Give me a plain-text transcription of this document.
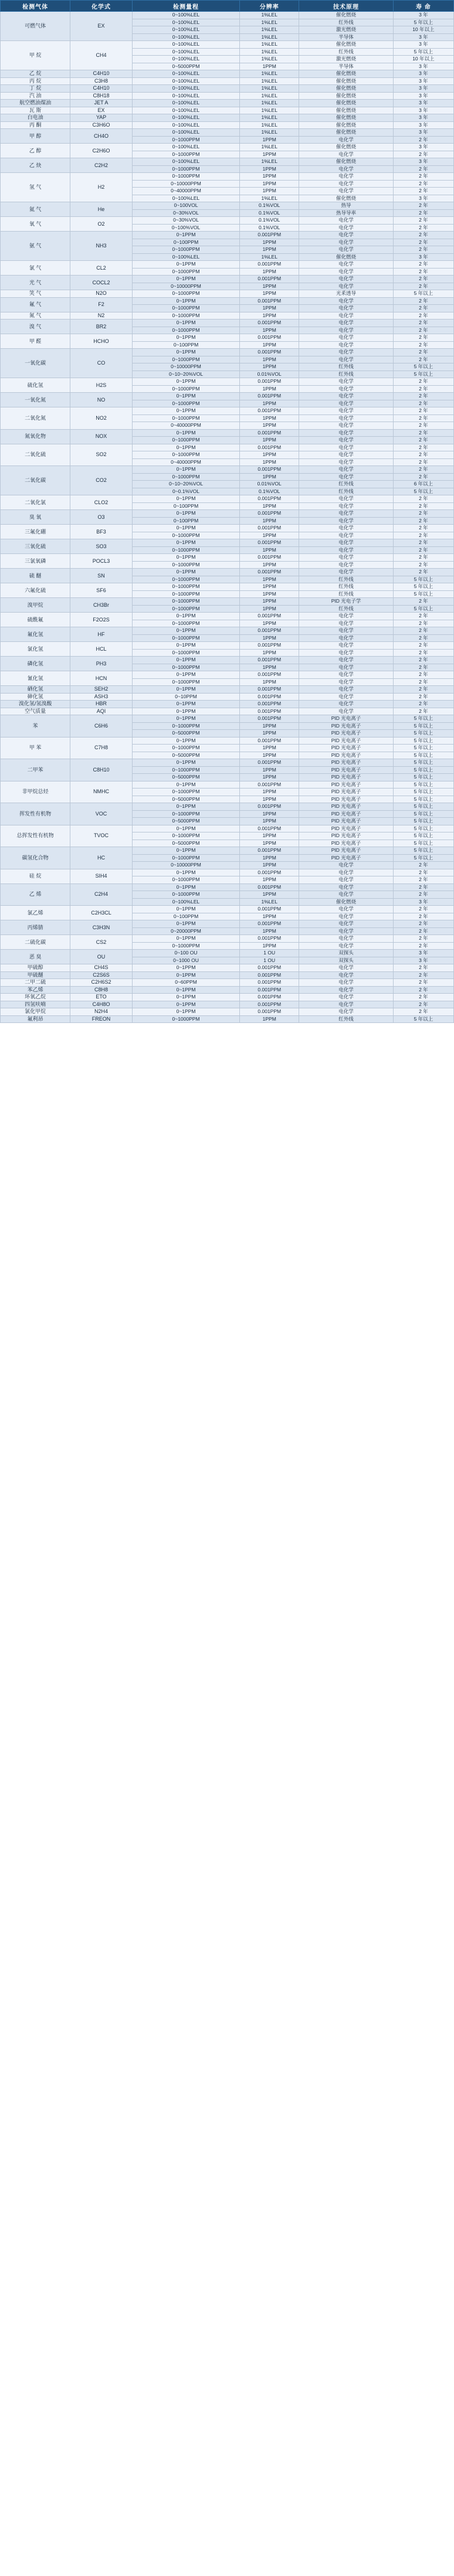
检测气体	化学式	检测量程	分辨率	技术原理	寿 命
可燃气体	EX	0~100%LEL	1%LEL	催化燃烧	3 年
		0~100%LEL	1%LEL	红外线	5 年以上
		0~100%LEL	1%LEL	激光燃烧	10 年以上
		0~100%LEL	1%LEL	半导体	3 年
甲 烷	CH4	0~100%LEL	1%LEL	催化燃烧	3 年
		0~100%LEL	1%LEL	红外线	5 年以上
		0~100%LEL	1%LEL	激光燃烧	10 年以上
		0~5000PPM	1PPM	半导体	3 年
乙 烷	C4H10	0~100%LEL	1%LEL	催化燃烧	3 年
丙 烷	C3H8	0~100%LEL	1%LEL	催化燃烧	3 年
丁 烷	C4H10	0~100%LEL	1%LEL	催化燃烧	3 年
汽 油	C8H18	0~100%LEL	1%LEL	催化燃烧	3 年
航空燃油煤油	JET A	0~100%LEL	1%LEL	催化燃烧	3 年
瓦 斯	EX	0~100%LEL	1%LEL	催化燃烧	3 年
白电油	YAP	0~100%LEL	1%LEL	催化燃烧	3 年
丙 酮	C3H6O	0~100%LEL	1%LEL	催化燃烧	3 年
甲 醇	CH4O	0~100%LEL	1%LEL	催化燃烧	3 年
		0~1000PPM	1PPM	电化学	2 年
乙 醇	C2H6O	0~100%LEL	1%LEL	催化燃烧	3 年
		0~1000PPM	1PPM	电化学	2 年
乙 炔	C2H2	0~100%LEL	1%LEL	催化燃烧	3 年
		0~1000PPM	1PPM	电化学	2 年
氢 气	H2	0~1000PPM	1PPM	电化学	2 年
		0~10000PPM	1PPM	电化学	2 年
		0~40000PPM	1PPM	电化学	2 年
		0~100%LEL	1%LEL	催化燃烧	3 年
氦 气	He	0~100VOL	0.1%VOL	热导	2 年
		0~30%VOL	0.1%VOL	热导导率	2 年
氧 气	O2	0~30%VOL	0.1%VOL	电化学	2 年
		0~100%VOL	0.1%VOL	电化学	2 年
氨 气	NH3	0~1PPM	0.001PPM	电化学	2 年
		0~100PPM	1PPM	电化学	2 年
		0~1000PPM	1PPM	电化学	2 年
		0~100%LEL	1%LEL	催化燃烧	3 年
氯 气	CL2	0~1PPM	0.001PPM	电化学	2 年
		0~1000PPM	1PPM	电化学	2 年
光 气	COCL2	0~1PPM	0.001PPM	电化学	2 年
		0~10000PPM	1PPM	电化学	2 年
笑 气	N2O	0~1000PPM	1PPM	光釆透导	5 年以上
氟 气	F2	0~1PPM	0.001PPM	电化学	2 年
		0~1000PPM	1PPM	电化学	2 年
氮 气	N2	0~1000PPM	1PPM	电化学	2 年
溴 气	BR2	0~1PPM	0.001PPM	电化学	2 年
		0~1000PPM	1PPM	电化学	2 年
甲 醛	HCHO	0~1PPM	0.001PPM	电化学	2 年
		0~100PPM	1PPM	电化学	2 年
一氧化碳	CO	0~1PPM	0.001PPM	电化学	2 年
		0~1000PPM	1PPM	电化学	2 年
		0~10000PPM	1PPM	红外线	5 年以上
		0~10~20%VOL	0.01%VOL	红外线	5 年以上
硫化氢	H2S	0~1PPM	0.001PPM	电化学	2 年
		0~1000PPM	1PPM	电化学	2 年
一氧化氮	NO	0~1PPM	0.001PPM	电化学	2 年
		0~1000PPM	1PPM	电化学	2 年
二氧化氮	NO2	0~1PPM	0.001PPM	电化学	2 年
		0~1000PPM	1PPM	电化学	2 年
		0~40000PPM	1PPM	电化学	2 年
氮氧化物	NOX	0~1PPM	0.001PPM	电化学	2 年
		0~1000PPM	1PPM	电化学	2 年
二氧化硫	SO2	0~1PPM	0.001PPM	电化学	2 年
		0~1000PPM	1PPM	电化学	2 年
		0~40000PPM	1PPM	电化学	2 年
二氧化碳	CO2	0~1PPM	0.001PPM	电化学	2 年
		0~1000PPM	1PPM	电化学	2 年
		0~10~20%VOL	0.01%VOL	红外线	6 年以上
		0~0.1%VOL	0.1%VOL	红外线	5 年以上
二氧化氯	CLO2	0~1PPM	0.001PPM	电化学	2 年
		0~100PPM	1PPM	电化学	2 年
臭 氧	O3	0~1PPM	0.001PPM	电化学	2 年
		0~100PPM	1PPM	电化学	2 年
三氟化硼	BF3	0~1PPM	0.001PPM	电化学	2 年
		0~1000PPM	1PPM	电化学	2 年
三氧化硫	SO3	0~1PPM	0.001PPM	电化学	2 年
		0~1000PPM	1PPM	电化学	2 年
三氯氧磷	POCL3	0~1PPM	0.001PPM	电化学	2 年
		0~1000PPM	1PPM	电化学	2 年
硫 醚	SN	0~1PPM	0.001PPM	电化学	2 年
		0~1000PPM	1PPM	红外线	5 年以上
六氟化硫	SF6	0~1000PPM	1PPM	红外线	5 年以上
		0~1000PPM	1PPM	红外线	5 年以上
溴甲烷	CH3Br	0~1000PPM	1PPM	PID 光电子学	2 年
		0~1000PPM	1PPM	红外线	5 年以上
硫酰氟	F2O2S	0~1PPM	0.001PPM	电化学	2 年
		0~1000PPM	1PPM	电化学	2 年
氟化氢	HF	0~1PPM	0.001PPM	电化学	2 年
		0~1000PPM	1PPM	电化学	2 年
氯化氢	HCL	0~1PPM	0.001PPM	电化学	2 年
		0~1000PPM	1PPM	电化学	2 年
磷化氢	PH3	0~1PPM	0.001PPM	电化学	2 年
		0~1000PPM	1PPM	电化学	2 年
氰化氢	HCN	0~1PPM	0.001PPM	电化学	2 年
		0~1000PPM	1PPM	电化学	2 年
硒化氢	SEH2	0~1PPM	0.001PPM	电化学	2 年
砷化氢	ASH3	0~10PPM	0.001PPM	电化学	2 年
溴化氢/氢溴酸	HBR	0~1PPM	0.001PPM	电化学	2 年
空气质量	AQI	0~1PPM	0.001PPM	电化学	2 年
苯	C6H6	0~1PPM	0.001PPM	PID 光电离子	5 年以上
		0~1000PPM	1PPM	PID 光电离子	5 年以上
		0~5000PPM	1PPM	PID 光电离子	5 年以上
甲 苯	C7H8	0~1PPM	0.001PPM	PID 光电离子	5 年以上
		0~1000PPM	1PPM	PID 光电离子	5 年以上
		0~5000PPM	1PPM	PID 光电离子	5 年以上
二甲苯	C8H10	0~1PPM	0.001PPM	PID 光电离子	5 年以上
		0~1000PPM	1PPM	PID 光电离子	5 年以上
		0~5000PPM	1PPM	PID 光电离子	5 年以上
非甲烷总烃	NMHC	0~1PPM	0.001PPM	PID 光电离子	5 年以上
		0~1000PPM	1PPM	PID 光电离子	5 年以上
		0~5000PPM	1PPM	PID 光电离子	5 年以上
挥发性有机物	VOC	0~1PPM	0.001PPM	PID 光电离子	5 年以上
		0~1000PPM	1PPM	PID 光电离子	5 年以上
		0~5000PPM	1PPM	PID 光电离子	5 年以上
总挥发性有机物	TVOC	0~1PPM	0.001PPM	PID 光电离子	5 年以上
		0~1000PPM	1PPM	PID 光电离子	5 年以上
		0~5000PPM	1PPM	PID 光电离子	5 年以上
碳氢化合物	HC	0~1PPM	0.001PPM	PID 光电离子	5 年以上
		0~1000PPM	1PPM	PID 光电离子	5 年以上
		0~10000PPM	1PPM	电化学	2 年
硅 烷	SIH4	0~1PPM	0.001PPM	电化学	2 年
		0~1000PPM	1PPM	电化学	2 年
乙 烯	C2H4	0~1PPM	0.001PPM	电化学	2 年
		0~1000PPM	1PPM	电化学	2 年
		0~100%LEL	1%LEL	催化燃烧	3 年
氯乙烯	C2H3CL	0~1PPM	0.001PPM	电化学	2 年
		0~100PPM	1PPM	电化学	2 年
丙烯腈	C3H3N	0~1PPM	0.001PPM	电化学	2 年
		0~20000PPM	1PPM	电化学	2 年
二硫化碳	CS2	0~1PPM	0.001PPM	电化学	2 年
		0~1000PPM	1PPM	电化学	2 年
恶 臭	OU	0~100 OU	1 OU	双探头	3 年
		0~1000 OU	1 OU	双探头	3 年
甲硫醇	CH4S	0~1PPM	0.001PPM	电化学	2 年
甲硫醚	C2S6S	0~1PPM	0.001PPM	电化学	2 年
二甲二硫	C2H6S2	0~60PPM	0.001PPM	电化学	2 年
苯乙烯	C8H8	0~1PPM	0.001PPM	电化学	2 年
环氧乙烷	ETO	0~1PPM	0.001PPM	电化学	2 年
四氢呋喃	C4H8O	0~1PPM	0.001PPM	电化学	2 年
氯化甲烷	N2H4	0~1PPM	0.001PPM	电化学	2 年
氟利昂	FREON	0~1000PPM	1PPM	红外线	5 年以上
